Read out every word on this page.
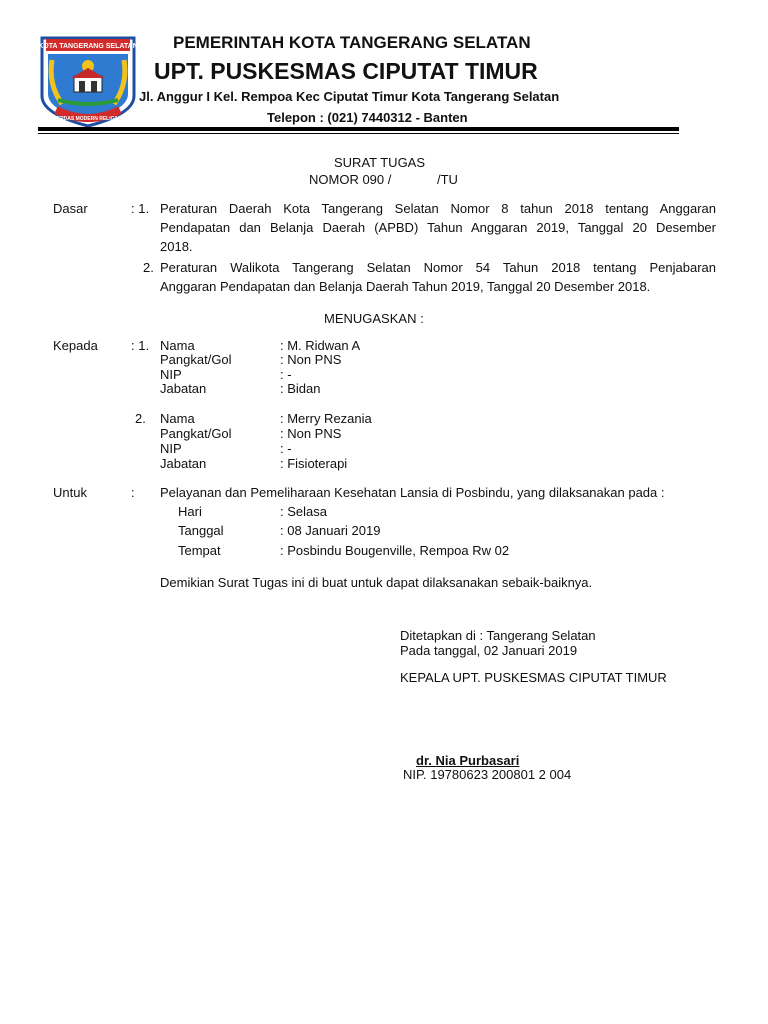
KOTA TANGERANG SELATAN
CERDAS MODERN RELIGIUS
PEMERINTAH KOTA TANGERANG SELATAN
UPT. PUSKESMAS CIPUTAT TIMUR
Jl. Anggur I Kel. Rempoa Kec Ciputat Timur Kota Tangerang Selatan
Telepon : (021) 7440312 - Banten
SURAT TUGAS
NOMOR 090 /	/TU
Dasar	: 1. Peraturan Daerah Kota Tangerang Selatan Nomor 8 tahun 2018 tentang Anggaran
Pendapatan dan Belanja Daerah (APBD) Tahun Anggaran 2019, Tanggal 20 Desember
2018.
2. Peraturan Walikota Tangerang Selatan Nomor 54 Tahun 2018 tentang Penjabaran
Anggaran Pendapatan dan Belanja Daerah Tahun 2019, Tanggal 20 Desember 2018.
MENUGASKAN :
Kepada	: 1. Nama	: M. Ridwan A
Pangkat/Gol	: Non PNS
NIP	: -
Jabatan	: Bidan
2. Nama	: Merry Rezania
Pangkat/Gol	: Non PNS
NIP	: -
Jabatan	: Fisioterapi
Untuk	: Pelayanan dan Pemeliharaan Kesehatan Lansia di Posbindu, yang dilaksanakan pada :
Hari	: Selasa
Tanggal	: 08 Januari 2019
Tempat	: Posbindu Bougenville, Rempoa Rw 02
Demikian Surat Tugas ini di buat untuk dapat dilaksanakan sebaik-baiknya.
Ditetapkan di : Tangerang Selatan
Pada tanggal, 02 Januari 2019
KEPALA UPT. PUSKESMAS CIPUTAT TIMUR
dr. Nia Purbasari
NIP. 19780623 200801 2 004
